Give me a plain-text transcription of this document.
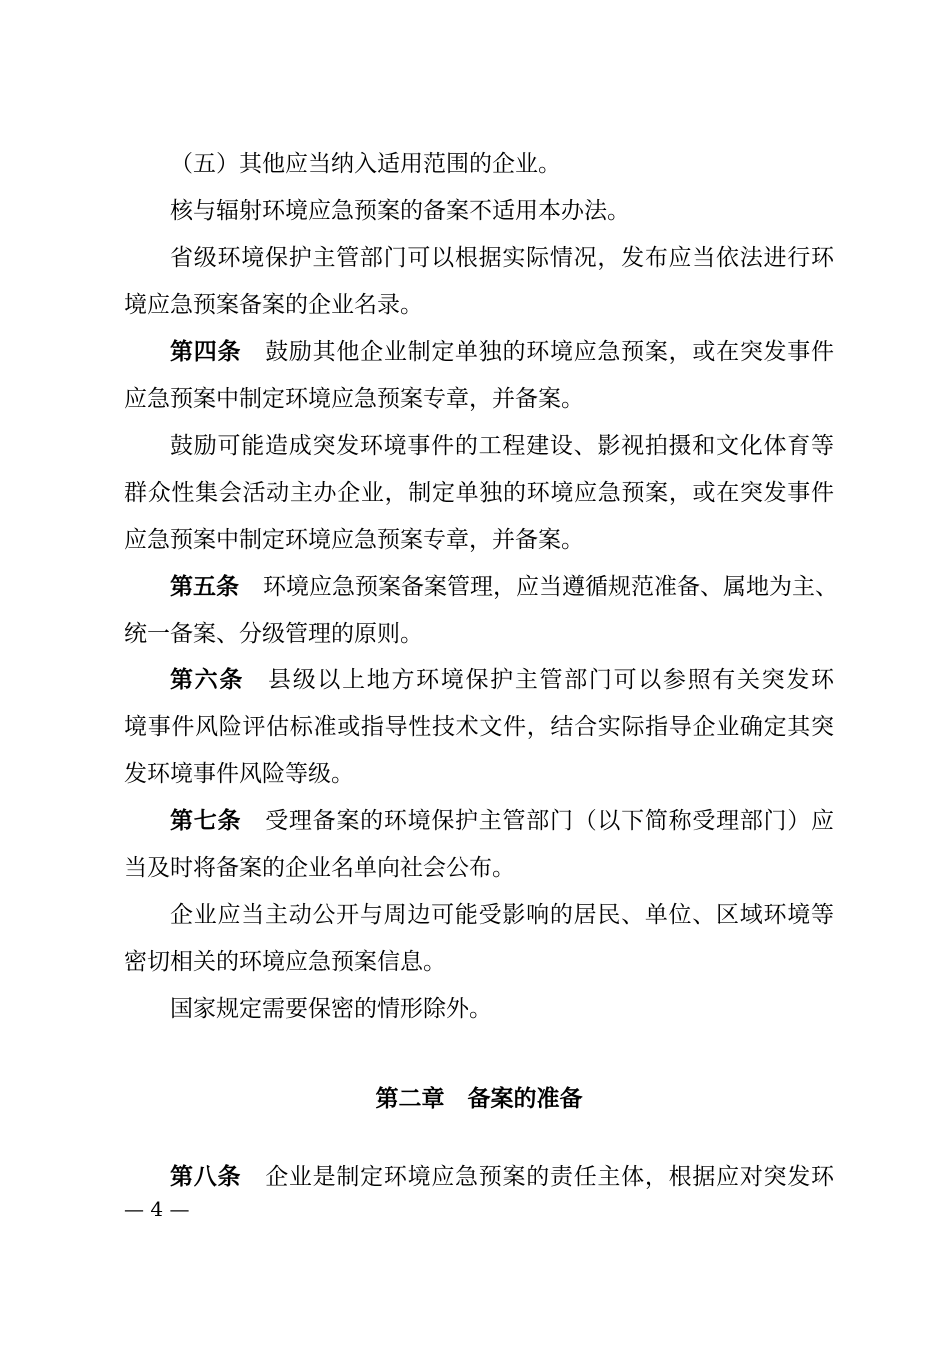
（五）其他应当纳入适用范围的企业。
核与辐射环境应急预案的备案不适用本办法。
省级环境保护主管部门可以根据实际情况，发布应当依法进行环
境应急预案备案的企业名录。
第四条 鼓励其他企业制定单独的环境应急预案，或在突发事件
应急预案中制定环境应急预案专章，并备案。
鼓励可能造成突发环境事件的工程建设、影视拍摄和文化体育等
群众性集会活动主办企业，制定单独的环境应急预案，或在突发事件
应急预案中制定环境应急预案专章，并备案。
第五条 环境应急预案备案管理，应当遵循规范准备、属地为主、
统一备案、分级管理的原则。
第六条 县级以上地方环境保护主管部门可以参照有关突发环
境事件风险评估标准或指导性技术文件，结合实际指导企业确定其突
发环境事件风险等级。
第七条 受理备案的环境保护主管部门（以下简称受理部门）应
当及时将备案的企业名单向社会公布。
企业应当主动公开与周边可能受影响的居民、单位、区域环境等
密切相关的环境应急预案信息。
国家规定需要保密的情形除外。
第二章　备案的准备
第八条 企业是制定环境应急预案的责任主体，根据应对突发环
— 4 —
